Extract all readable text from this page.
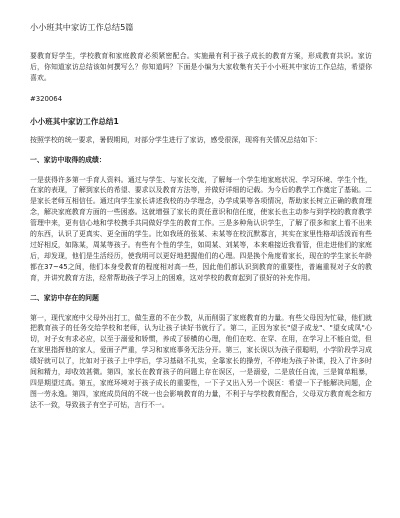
小小班其中家访工作总结5篇

要教育好学生，学校教育和家庭教育必须紧密配合。实施最有利于孩子成长的教育方案，形成教育共识。家访后，你知道家访总结该如何撰写么？你知道吗？下面是小编为大家收集有关于小小班其中家访工作总结，希望你喜欢。

#320064

小小班其中家访工作总结1

按照学校的统一要求，暑假期间，对部分学生进行了家访，感受很深，现将有关情况总结如下：

一、家访中取得的成绩：

一是获得许多第一手育人资料。通过与学生、与家长交流，了解每一个学生地家庭状况、学习环境、学生个性，在家的表现，了解到家长的希望、要求以及教育方法等，并做好详细的记载。为今后的教学工作奠定了基础。二是家长老师互相信任。通过向学生家长讲述我校的办学理念，办学成果等各项情况，帮助家长树立正确的教育理念，解决家庭教育方面的一些困惑。这就增强了家长的责任意识和信任度，使家长也主动参与到学校的教育教学管理中来，更有信心地和学校携手共同做好学生的教育工作。三是多种角认识学生，了解了很多和家上看不出来的东西，认识了更真实、更全面的学生。比如我班的张某、未某等在校沉默寡言，其实在家里性格却活泼而有些过好相反，如陈某，周某等孩子。有些有个性的学生，如周某、刘某等，本来难接近我看管，但走进他们的家庭后，却发现，他们是生活经历，使我明可以更好地把握他们的心理。四是换个角度看家长，现在的学生家长年龄都在37~45之间，他们本身受教育的程度相对高一些，因此他们都认识到教育的重要性，普遍重视对子女的教育，并讲究教育方法，经常帮助孩子学习上的困难，这对学校的教育起到了很好的补充作用。

二、家访中存在的问题

第一，现代家庭中父母外出打工，做生意的不在少数，从而削弱了家庭教育的力量。有些父母因为忙碌，他们就把教育孩子的任务交给学校和老师，认为让孩子读好书就行了。第二，正因为家长"望子成龙"、"望女成凤"心切，对子女有求必应，以至于溺爱和娇惯，养成了骄横的心理，他们在吃、在穿、在用，在学习上不能自觉，但在家里指挥他的家人，爱面子严重，学习和家庭事务无法分开。第三，家长误以为孩子很聪明，小学阶段学习成绩好就可以了，比如对于孩子上中学后，学习基础不扎实，全靠家长的操劳，不停地为孩子补课，投入了许多时间和精力，却收效甚微。第四，家长在教育孩子的问题上存在误区，一是溺爱，二是放任自流，三是简单粗暴，四是期望过高。第五，家庭环境对于孩子成长的重要性，一下子又出入另一个误区：希望一下子能解决问题，企图一劳永逸。第四，家庭成员间的不统一也会影响教育的力量，不利于与学校教育配合，父母双方教育观念和方法不一致，导致孩子有空子可钻，言行不一。
